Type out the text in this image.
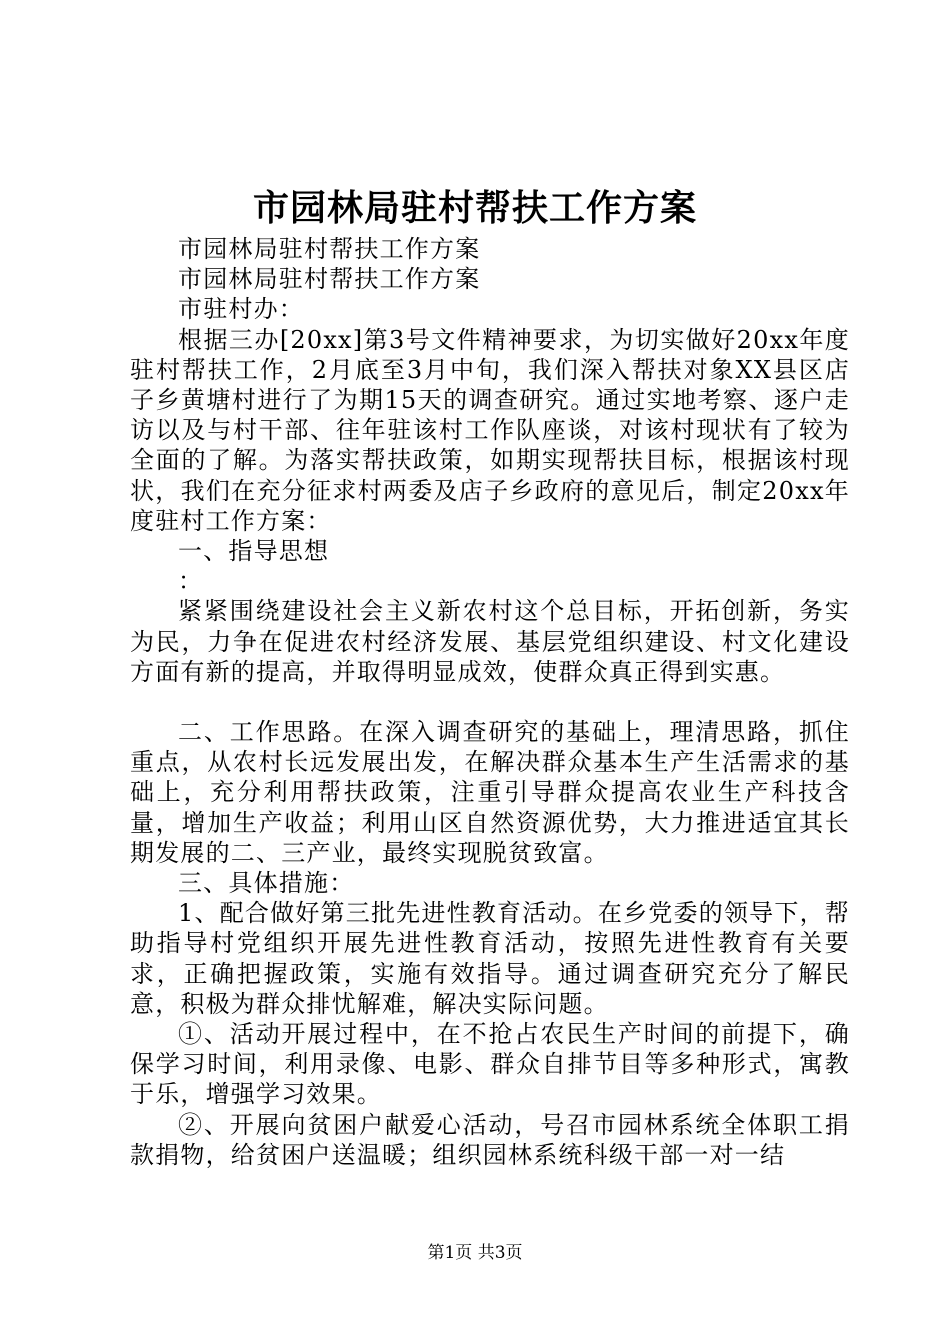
市园林局驻村帮扶工作方案

市园林局驻村帮扶工作方案

市园林局驻村帮扶工作方案

市驻村办：

根据三办[20xx]第3号文件精神要求，为切实做好20xx年度驻村帮扶工作，2月底至3月中旬，我们深入帮扶对象XX县区店子乡黄塘村进行了为期15天的调查研究。通过实地考察、逐户走访以及与村干部、往年驻该村工作队座谈，对该村现状有了较为全面的了解。为落实帮扶政策，如期实现帮扶目标，根据该村现状，我们在充分征求村两委及店子乡政府的意见后，制定20xx年度驻村工作方案：

一、指导思想

：

紧紧围绕建设社会主义新农村这个总目标，开拓创新，务实为民，力争在促进农村经济发展、基层党组织建设、村文化建设方面有新的提高，并取得明显成效，使群众真正得到实惠。

二、工作思路。在深入调查研究的基础上，理清思路，抓住重点，从农村长远发展出发，在解决群众基本生产生活需求的基础上，充分利用帮扶政策，注重引导群众提高农业生产科技含量，增加生产收益；利用山区自然资源优势，大力推进适宜其长期发展的二、三产业，最终实现脱贫致富。

三、具体措施：

1、配合做好第三批先进性教育活动。在乡党委的领导下，帮助指导村党组织开展先进性教育活动，按照先进性教育有关要求，正确把握政策，实施有效指导。通过调查研究充分了解民意，积极为群众排忧解难，解决实际问题。

①、活动开展过程中，在不抢占农民生产时间的前提下，确保学习时间，利用录像、电影、群众自排节目等多种形式，寓教于乐，增强学习效果。

②、开展向贫困户献爱心活动，号召市园林系统全体职工捐款捐物，给贫困户送温暖；组织园林系统科级干部一对一结

第1页 共3页
